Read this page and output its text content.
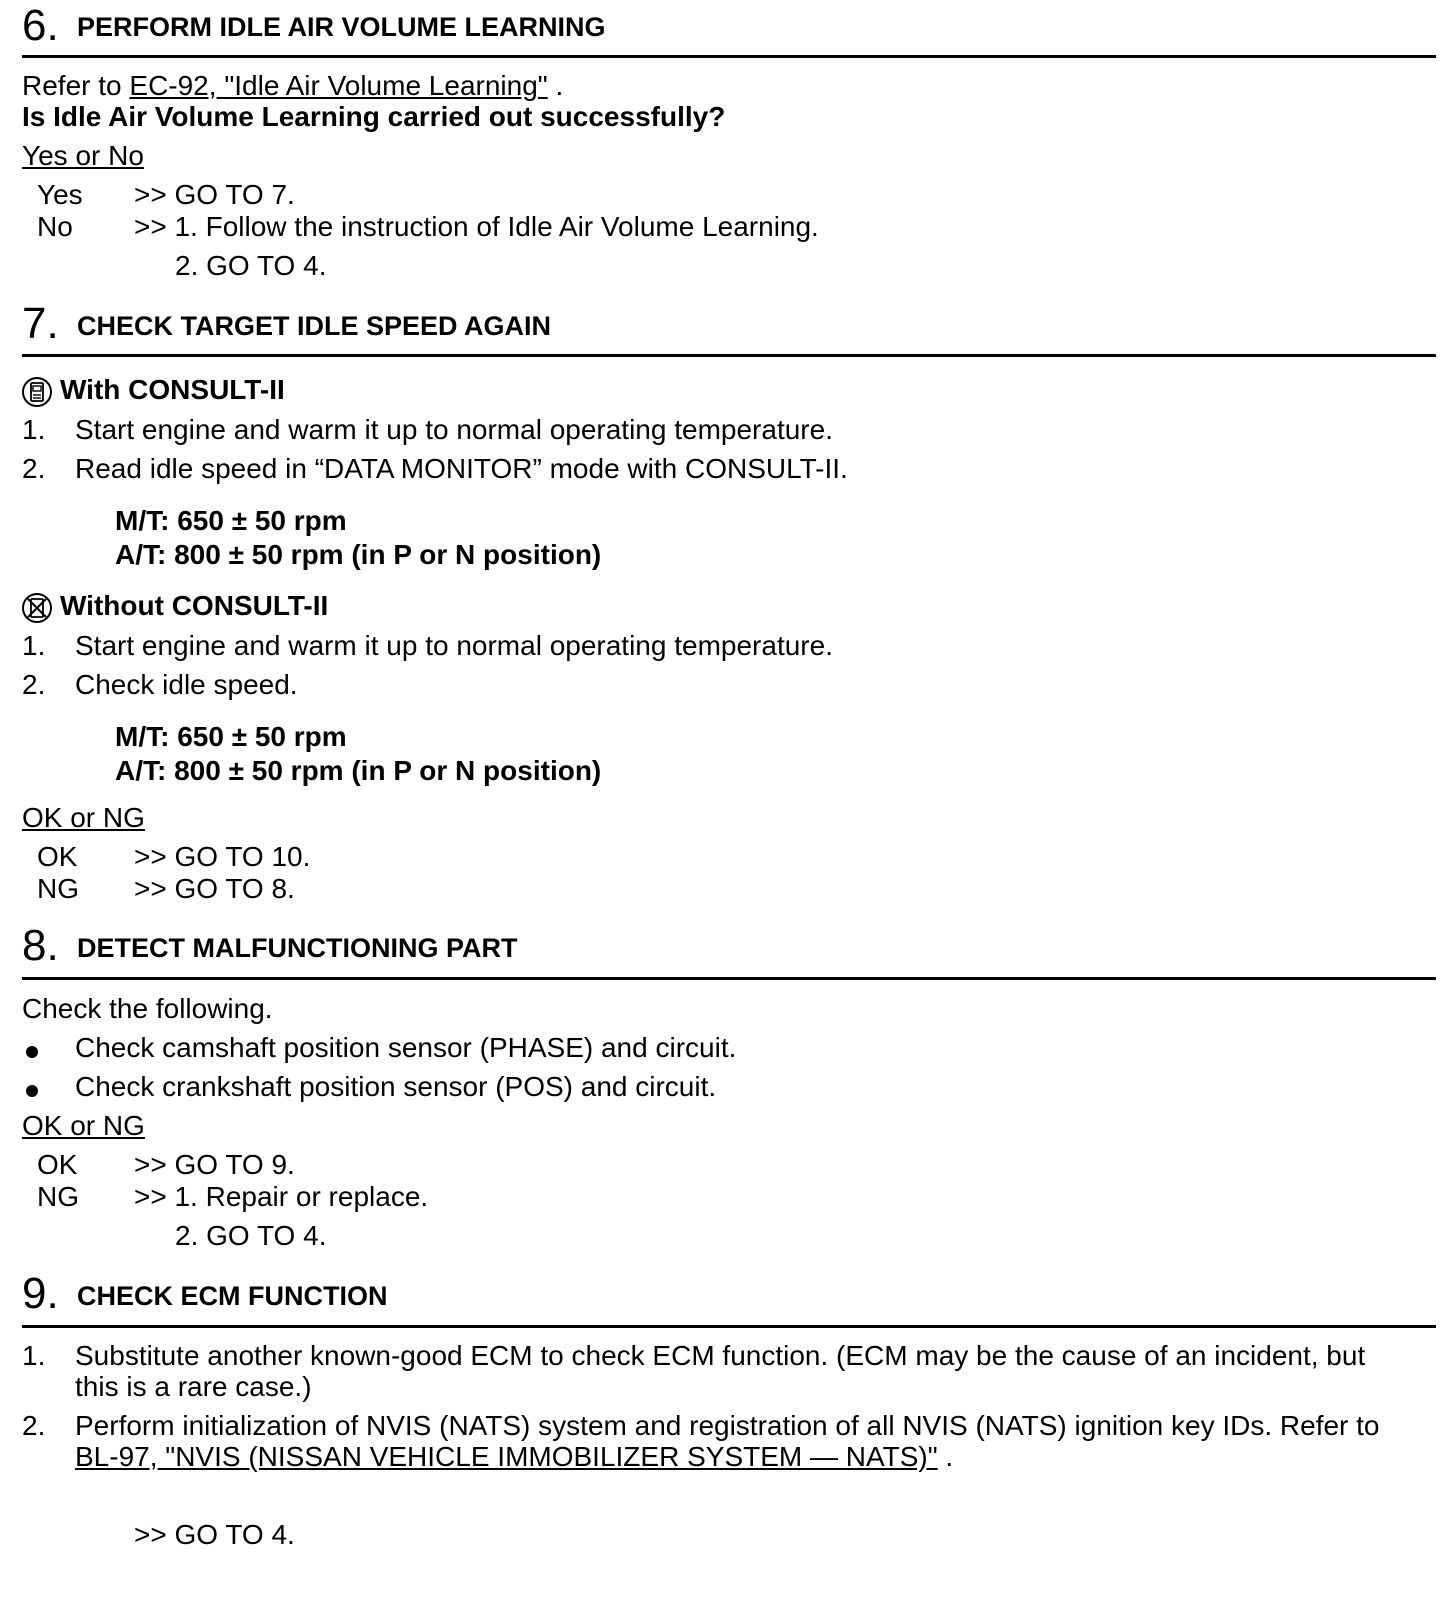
6. PERFORM IDLE AIR VOLUME LEARNING
Refer to EC-92, "Idle Air Volume Learning" .
Is Idle Air Volume Learning carried out successfully?
Yes or No
Yes >> GO TO 7.
No >> 1. Follow the instruction of Idle Air Volume Learning.
2. GO TO 4.
7. CHECK TARGET IDLE SPEED AGAIN
With CONSULT-II
1. Start engine and warm it up to normal operating temperature.
2. Read idle speed in “DATA MONITOR” mode with CONSULT-II.
M/T: 650 ± 50 rpm
A/T: 800 ± 50 rpm (in P or N position)
Without CONSULT-II
1. Start engine and warm it up to normal operating temperature.
2. Check idle speed.
M/T: 650 ± 50 rpm
A/T: 800 ± 50 rpm (in P or N position)
OK or NG
OK >> GO TO 10.
NG >> GO TO 8.
8. DETECT MALFUNCTIONING PART
Check the following.
Check camshaft position sensor (PHASE) and circuit.
Check crankshaft position sensor (POS) and circuit.
OK or NG
OK >> GO TO 9.
NG >> 1. Repair or replace.
2. GO TO 4.
9. CHECK ECM FUNCTION
1. Substitute another known-good ECM to check ECM function. (ECM may be the cause of an incident, but
this is a rare case.)
2. Perform initialization of NVIS (NATS) system and registration of all NVIS (NATS) ignition key IDs. Refer to
BL-97, "NVIS (NISSAN VEHICLE IMMOBILIZER SYSTEM — NATS)" .
>> GO TO 4.
